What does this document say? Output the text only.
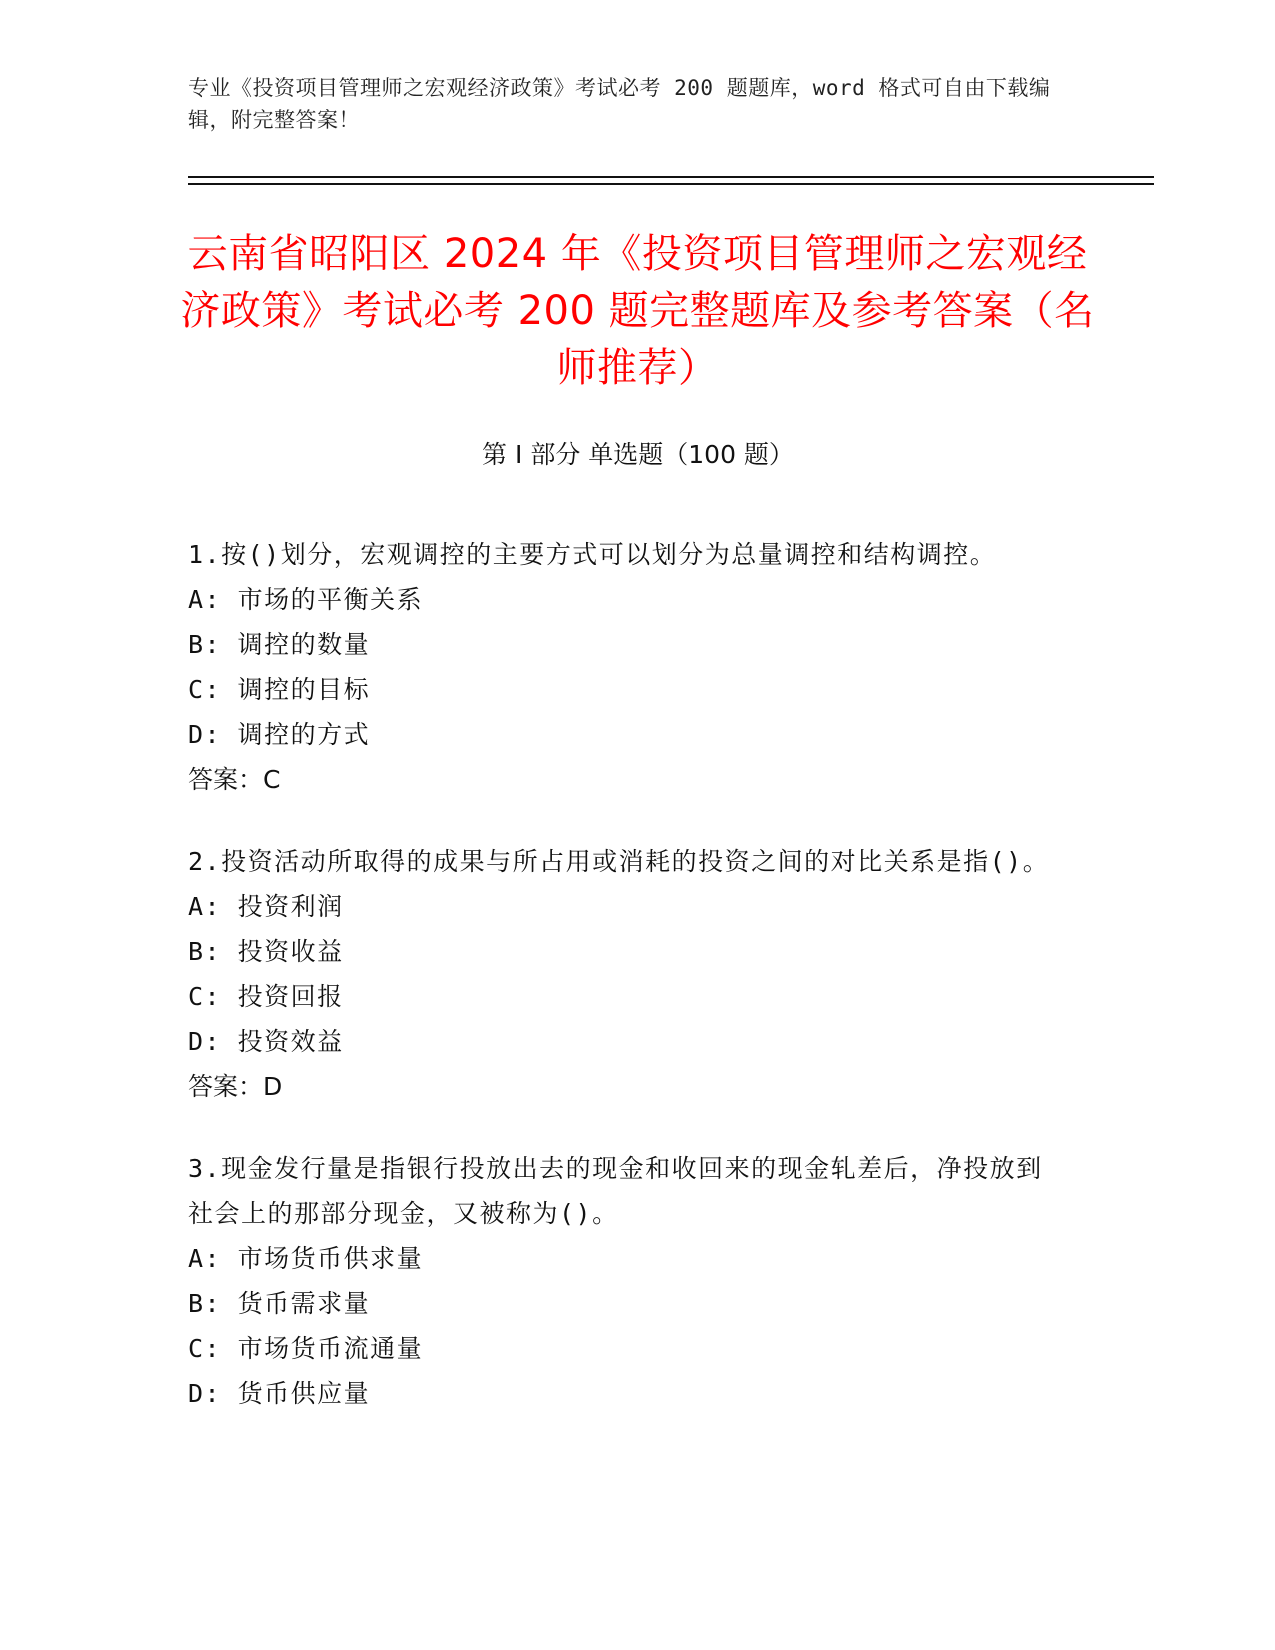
专业《投资项目管理师之宏观经济政策》考试必考 200 题题库，word 格式可自由下载编辑，附完整答案！
云南省昭阳区 2024 年《投资项目管理师之宏观经济政策》考试必考 200 题完整题库及参考答案（名师推荐）
第 I 部分 单选题（100 题）
1.按()划分，宏观调控的主要方式可以划分为总量调控和结构调控。
A: 市场的平衡关系
B: 调控的数量
C: 调控的目标
D: 调控的方式
答案：C
2.投资活动所取得的成果与所占用或消耗的投资之间的对比关系是指()。
A: 投资利润
B: 投资收益
C: 投资回报
D: 投资效益
答案：D
3.现金发行量是指银行投放出去的现金和收回来的现金轧差后，净投放到社会上的那部分现金，又被称为()。
A: 市场货币供求量
B: 货币需求量
C: 市场货币流通量
D: 货币供应量
